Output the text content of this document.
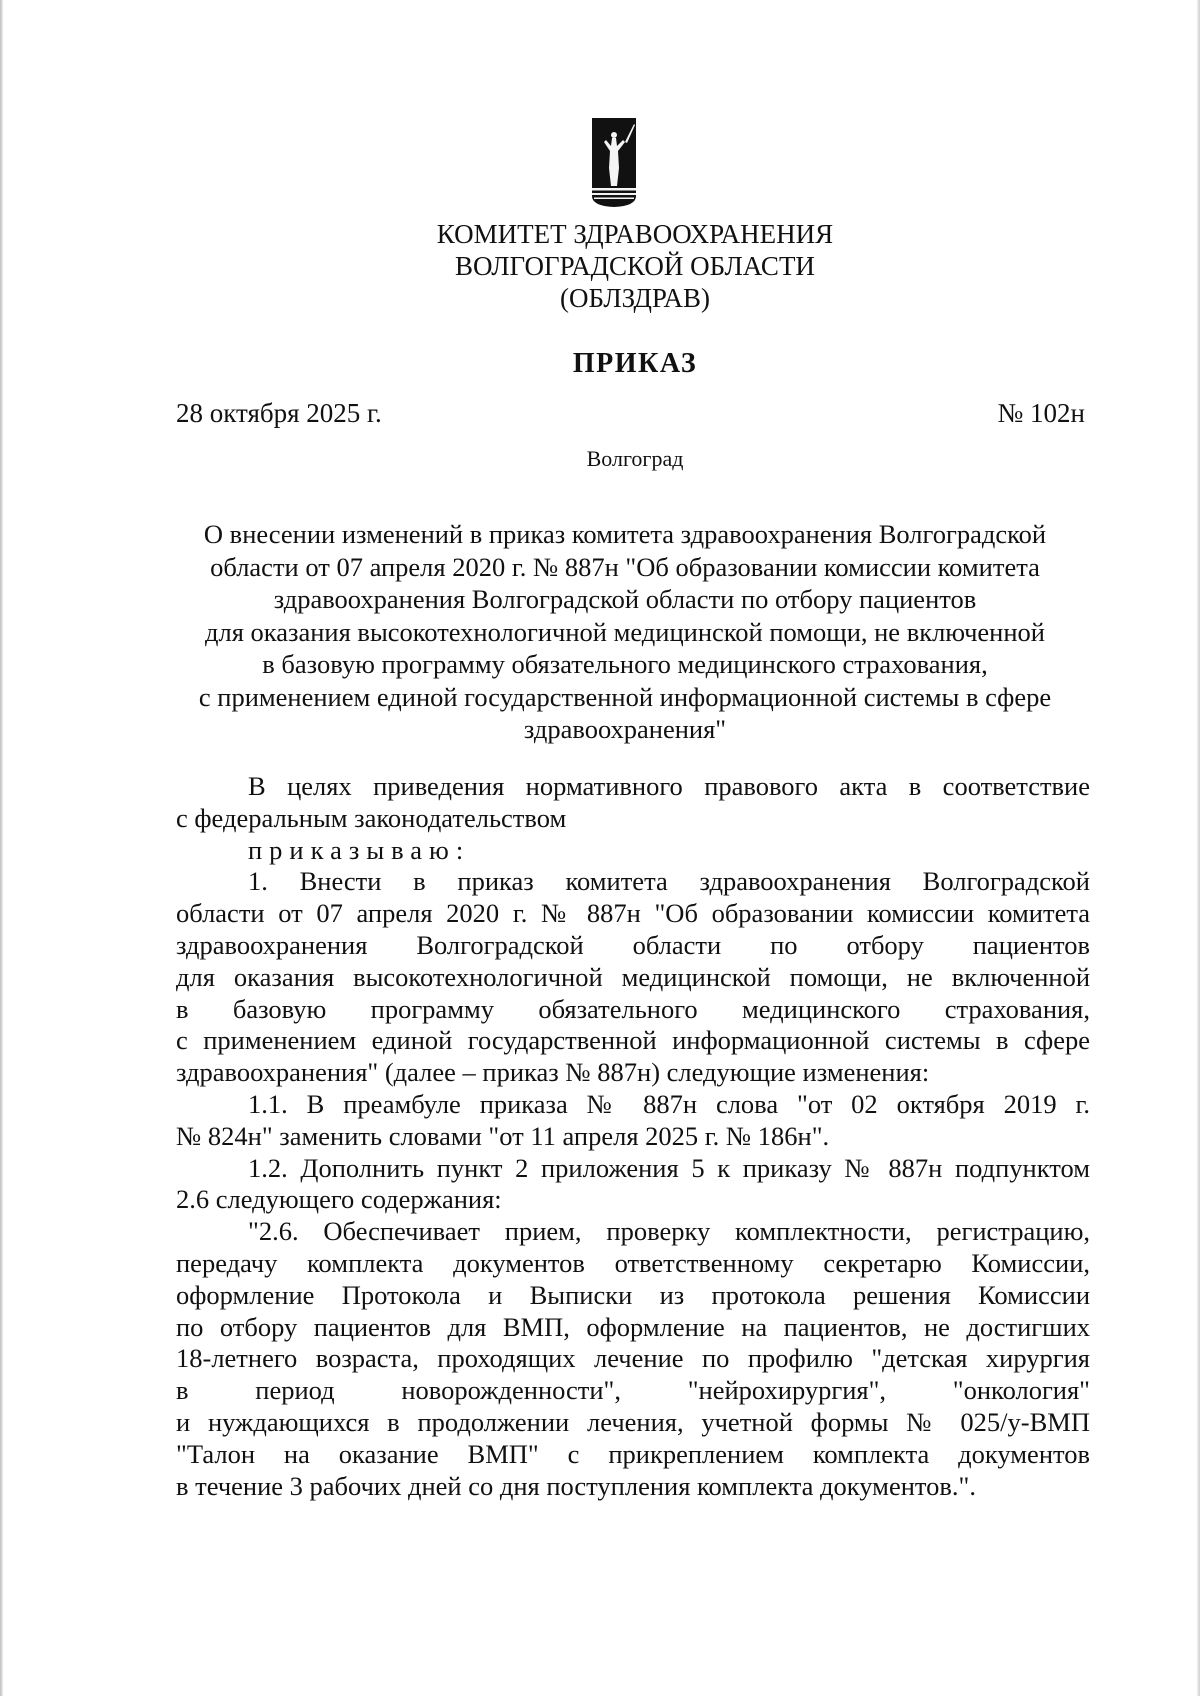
КОМИТЕТ ЗДРАВООХРАНЕНИЯ
ВОЛГОГРАДСКОЙ ОБЛАСТИ
(ОБЛЗДРАВ)
ПРИКАЗ
28 октября 2025 г.	№ 102н
Волгоград
О внесении изменений в приказ комитета здравоохранения Волгоградской
области от 07 апреля 2020 г. № 887н "Об образовании комиссии комитета
здравоохранения Волгоградской области по отбору пациентов
для оказания высокотехнологичной медицинской помощи, не включенной
в базовую программу обязательного медицинского страхования,
с применением единой государственной информационной системы в сфере
здравоохранения"
В целях приведения нормативного правового акта в соответствие
с федеральным законодательством
приказываю:
1. Внести в приказ комитета здравоохранения Волгоградской
области от 07 апреля 2020 г. № 887н "Об образовании комиссии комитета
здравоохранения Волгоградской области по отбору пациентов
для оказания высокотехнологичной медицинской помощи, не включенной
в базовую программу обязательного медицинского страхования,
с применением единой государственной информационной системы в сфере
здравоохранения" (далее – приказ № 887н) следующие изменения:
1.1. В преамбуле приказа № 887н слова "от 02 октября 2019 г.
№ 824н" заменить словами "от 11 апреля 2025 г. № 186н".
1.2. Дополнить пункт 2 приложения 5 к приказу № 887н подпунктом
2.6 следующего содержания:
"2.6. Обеспечивает прием, проверку комплектности, регистрацию,
передачу комплекта документов ответственному секретарю Комиссии,
оформление Протокола и Выписки из протокола решения Комиссии
по отбору пациентов для ВМП, оформление на пациентов, не достигших
18-летнего возраста, проходящих лечение по профилю "детская хирургия
в период новорожденности", "нейрохирургия", "онкология"
и нуждающихся в продолжении лечения, учетной формы № 025/у-ВМП
"Талон на оказание ВМП" с прикреплением комплекта документов
в течение 3 рабочих дней со дня поступления комплекта документов.".
